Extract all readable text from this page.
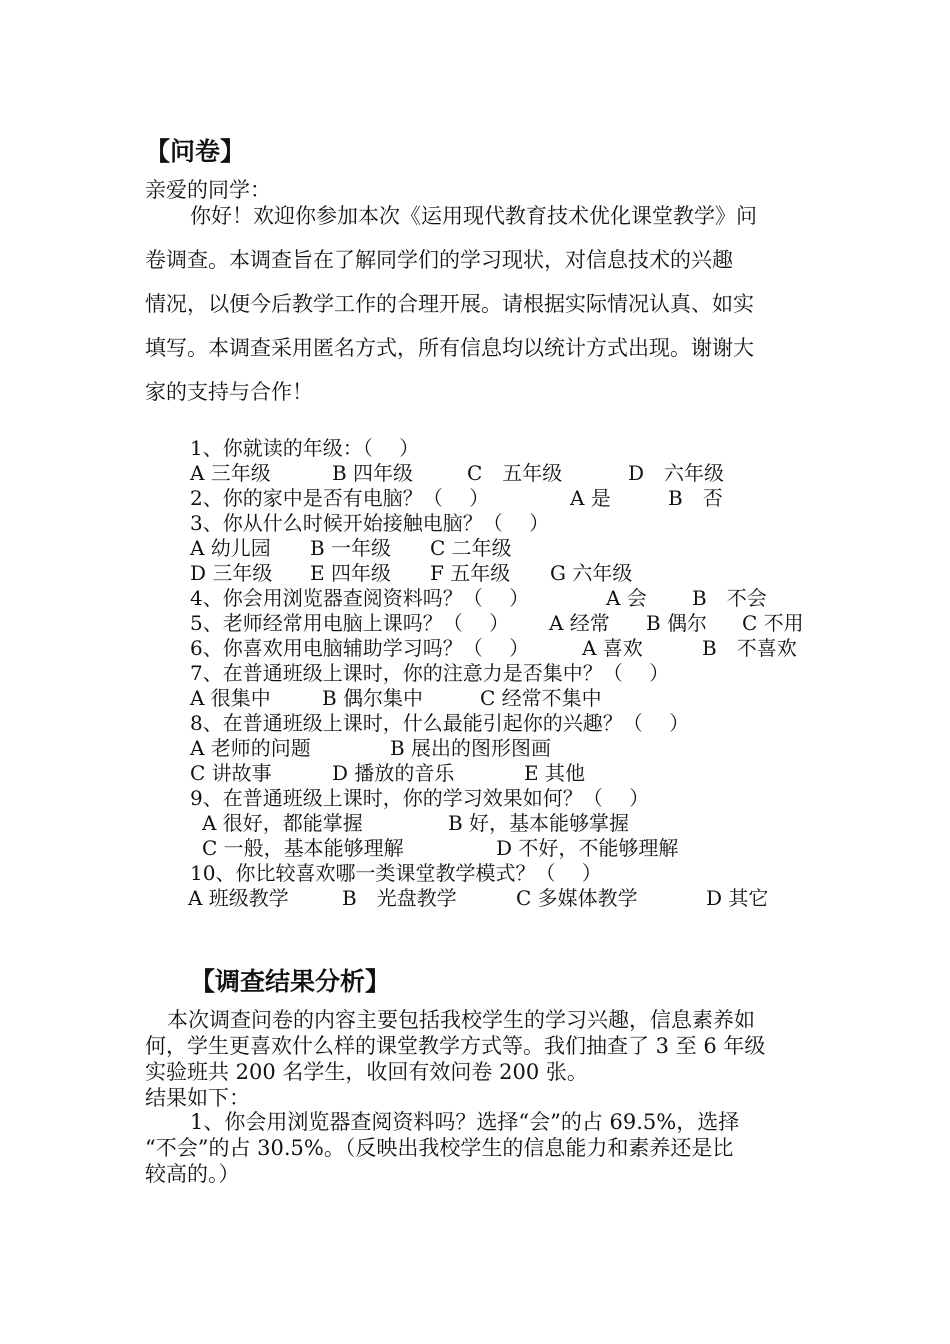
【问卷】
亲爱的同学：
你好！欢迎你参加本次《运用现代教育技术优化课堂教学》问
卷调查。本调查旨在了解同学们的学习现状，对信息技术的兴趣
情况，以便今后教学工作的合理开展。请根据实际情况认真、如实
填写。本调查采用匿名方式，所有信息均以统计方式出现。谢谢大
家的支持与合作！
1、你就读的年级：（　 ）
A 三年级	B 四年级	C　五年级	D　六年级
2、你的家中是否有电脑？（　 ）	A 是	B　否
3、你从什么时候开始接触电脑？（　 ）
A 幼儿园 B 一年级 C 二年级
D 三年级 E 四年级 F 五年级 G 六年级
4、你会用浏览器查阅资料吗？（　 ）	A 会 B　不会
5、老师经常用电脑上课吗？（　 ） A 经常 B 偶尔 C 不用
6、你喜欢用电脑辅助学习吗？（　 ）	A 喜欢	B　不喜欢
7、在普通班级上课时，你的注意力是否集中？（　 ）
A 很集中	B 偶尔集中	C 经常不集中
8、在普通班级上课时，什么最能引起你的兴趣？（　 ）
A 老师的问题	B 展出的图形图画
C 讲故事	D 播放的音乐	E 其他
9、在普通班级上课时，你的学习效果如何？（　 ）
A 很好，都能掌握	B 好，基本能够掌握
C 一般，基本能够理解	D 不好，不能够理解
10、你比较喜欢哪一类课堂教学模式？（　 ）
A 班级教学	B　光盘教学	C 多媒体教学	D 其它
【调查结果分析】
本次调查问卷的内容主要包括我校学生的学习兴趣，信息素养如
何，学生更喜欢什么样的课堂教学方式等。我们抽查了 3 至 6 年级
实验班共 200 名学生，收回有效问卷 200 张。
结果如下：
1、你会用浏览器查阅资料吗？选择“会”的占 69.5%，选择
“不会”的占 30.5%。（反映出我校学生的信息能力和素养还是比
较高的。）
